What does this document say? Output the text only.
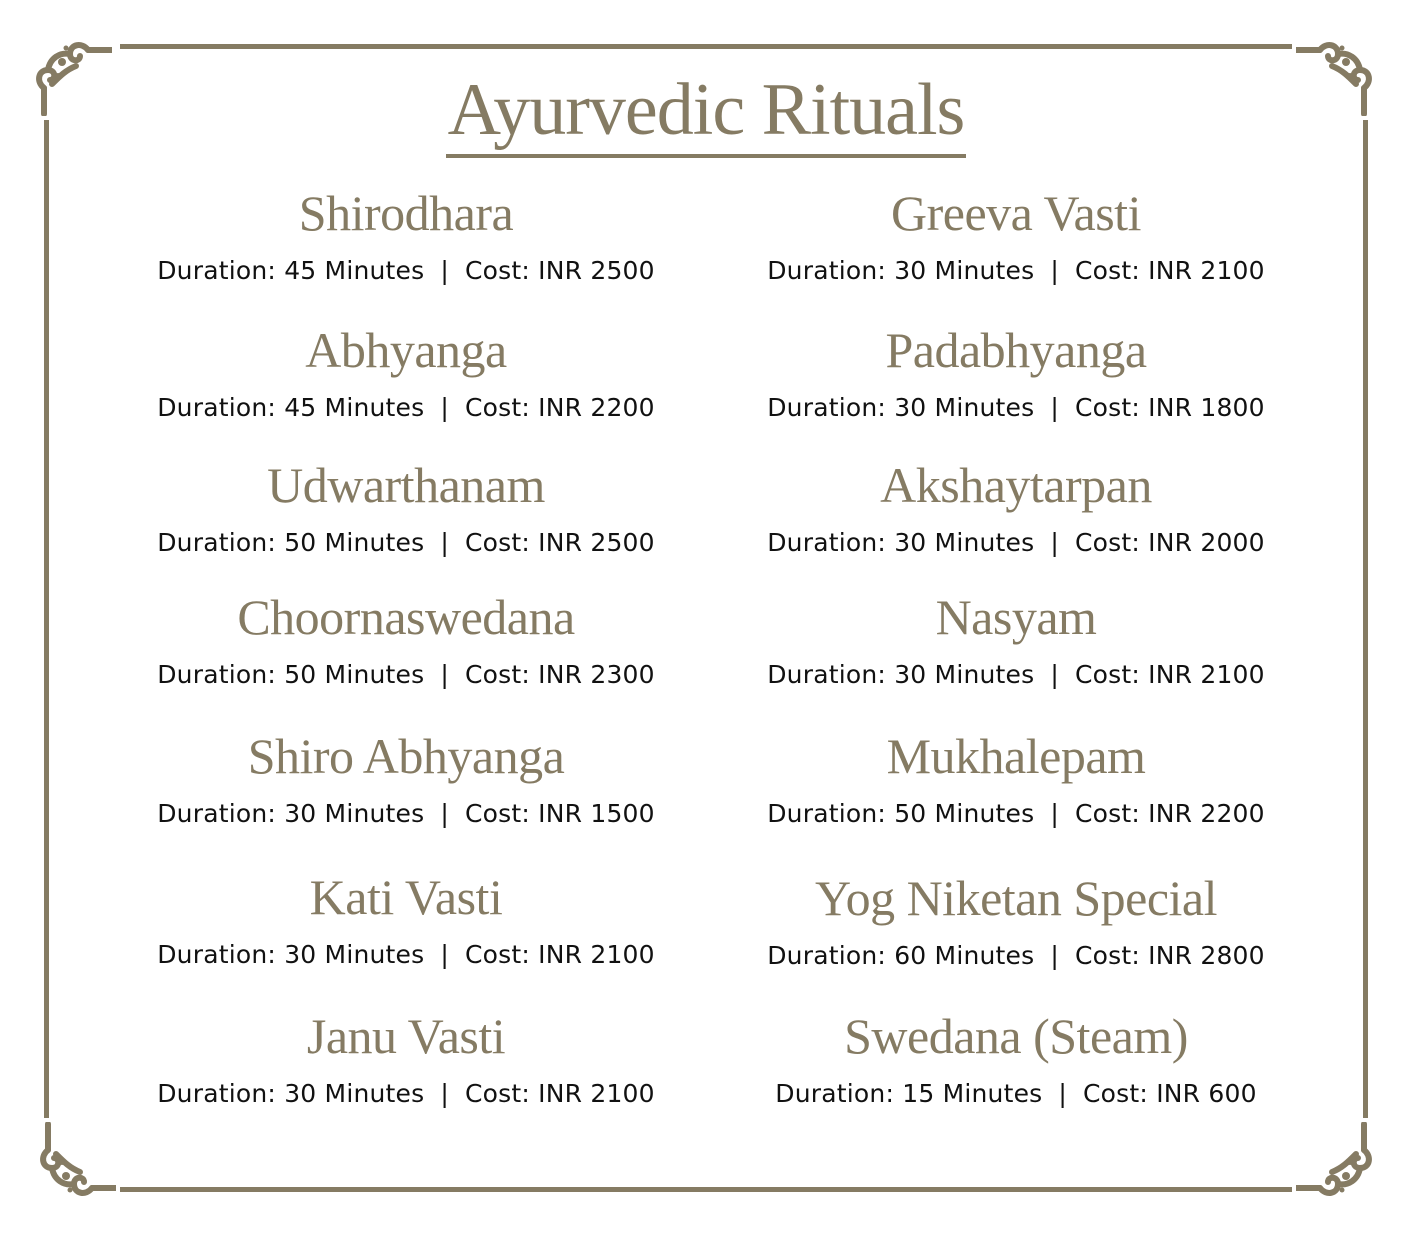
Ayurvedic Rituals
Shirodhara
Duration: 45 Minutes | Cost: INR 2500
Abhyanga
Duration: 45 Minutes | Cost: INR 2200
Udwarthanam
Duration: 50 Minutes | Cost: INR 2500
Choornaswedana
Duration: 50 Minutes | Cost: INR 2300
Shiro Abhyanga
Duration: 30 Minutes | Cost: INR 1500
Kati Vasti
Duration: 30 Minutes | Cost: INR 2100
Janu Vasti
Duration: 30 Minutes | Cost: INR 2100
Greeva Vasti
Duration: 30 Minutes | Cost: INR 2100
Padabhyanga
Duration: 30 Minutes | Cost: INR 1800
Akshaytarpan
Duration: 30 Minutes | Cost: INR 2000
Nasyam
Duration: 30 Minutes | Cost: INR 2100
Mukhalepam
Duration: 50 Minutes | Cost: INR 2200
Yog Niketan Special
Duration: 60 Minutes | Cost: INR 2800
Swedana (Steam)
Duration: 15 Minutes | Cost: INR 600
